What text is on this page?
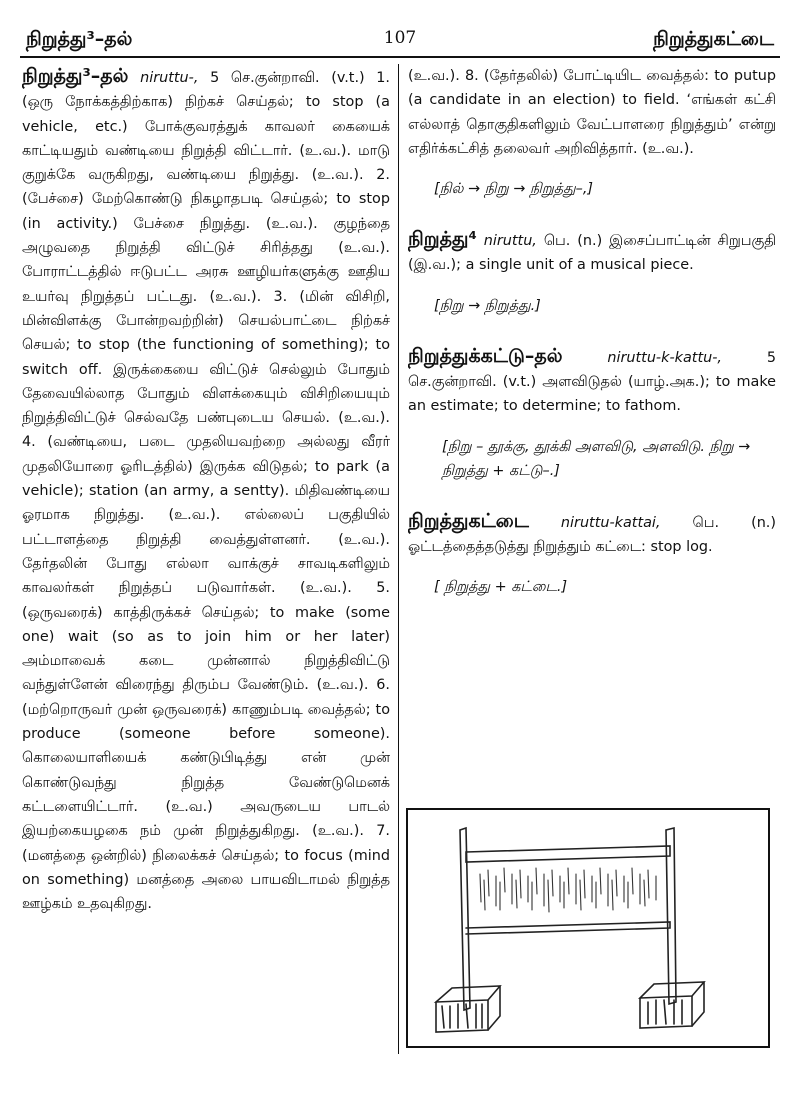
நிறுத்து³–தல்	107	நிறுத்துகட்டை

நிறுத்து³–தல் niruttu-, 5 செ.குன்றாவி. (v.t.) 1. (ஒரு நோக்கத்திற்காக) நிற்கச் செய்தல்; to stop (a vehicle, etc.) போக்குவரத்துக் காவலர் கையைக் காட்டியதும் வண்டியை நிறுத்தி விட்டார். (உ.வ.). மாடு குறுக்கே வருகிறது, வண்டியை நிறுத்து. (உ.வ.). 2. (பேச்சை) மேற்கொண்டு நிகழாதபடி செய்தல்; to stop (in activity.) பேச்சை நிறுத்து. (உ.வ.). குழந்தை அழுவதை நிறுத்தி விட்டுச் சிரித்தது (உ.வ.). போராட்டத்தில் ஈடுபட்ட அரசு ஊழியர்களுக்கு ஊதிய உயர்வு நிறுத்தப் பட்டது. (உ.வ.). 3. (மின் விசிறி, மின்விளக்கு போன்றவற்றின்) செயல்பாட்டை நிற்கச் செயல்; to stop (the functioning of something); to switch off. இருக்கையை விட்டுச் செல்லும் போதும் தேவையில்லாத போதும் விளக்கையும் விசிறியையும் நிறுத்திவிட்டுச் செல்வதே பண்புடைய செயல். (உ.வ.). 4. (வண்டியை, படை முதலியவற்றை அல்லது வீரர் முதலியோரை ஓரிடத்தில்) இருக்க விடுதல்; to park (a vehicle); station (an army, a sentty). மிதிவண்டியை ஓரமாக நிறுத்து. (உ.வ.). எல்லைப் பகுதியில் பட்டாளத்தை நிறுத்தி வைத்துள்ளனர். (உ.வ.). தேர்தலின் போது எல்லா வாக்குச் சாவடிகளிலும் காவலர்கள் நிறுத்தப் படுவார்கள். (உ.வ.). 5. (ஒருவரைக்) காத்திருக்கச் செய்தல்; to make (some one) wait (so as to join him or her later) அம்மாவைக் கடை முன்னால் நிறுத்திவிட்டு வந்துள்ளேன் விரைந்து திரும்ப வேண்டும். (உ.வ.). 6. (மற்றொருவர் முன் ஒருவரைக்) காணும்படி வைத்தல்; to produce (someone before someone). கொலையாளியைக் கண்டுபிடித்து என் முன் கொண்டுவந்து நிறுத்த வேண்டுமெனக் கட்டளையிட்டார். (உ.வ.) அவருடைய பாடல் இயற்கையழகை நம் முன் நிறுத்துகிறது. (உ.வ.). 7. (மனத்தை ஒன்றில்) நிலைக்கச் செய்தல்; to focus (mind on something) மனத்தை அலை பாயவிடாமல் நிறுத்த ஊழ்கம் உதவுகிறது.

(உ.வ.). 8. (தேர்தலில்) போட்டியிட வைத்தல்: to putup (a candidate in an election) to field. ‘எங்கள் கட்சி எல்லாத் தொகுதிகளிலும் வேட்பாளரை நிறுத்தும்’ என்று எதிர்க்கட்சித் தலைவர் அறிவித்தார். (உ.வ.).

[நில் → நிறு → நிறுத்து–,]

நிறுத்து⁴ niruttu, பெ. (n.) இசைப்பாட்டின் சிறுபகுதி (இ.வ.); a single unit of a musical piece.

[நிறு → நிறுத்து.]

நிறுத்துக்கட்டு–தல்	niruttu-k-kattu-,	5 செ.குன்றாவி. (v.t.) அளவிடுதல் (யாழ்.அக.); to make an estimate; to determine; to fathom.

[நிறு – தூக்கு, தூக்கி அளவிடு, அளவிடு. நிறு → நிறுத்து + கட்டு–.]

நிறுத்துகட்டை niruttu-kattai, பெ. (n.) ஓட்டத்தைத்தடுத்து நிறுத்தும் கட்டை: stop log.

[ நிறுத்து + கட்டை.]
